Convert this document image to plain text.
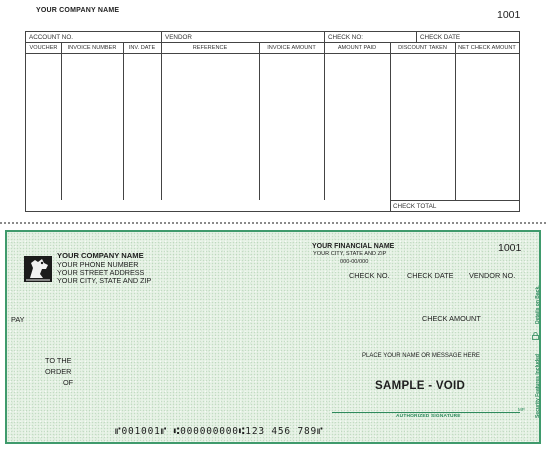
YOUR COMPANY NAME	1001
ACCOUNT NO.	VENDOR	CHECK NO:	CHECK DATE
VOUCHER	INVOICE NUMBER	INV. DATE	REFERENCE	INVOICE AMOUNT	AMOUNT PAID	DISCOUNT TAKEN	NET CHECK AMOUNT
CHECK TOTAL
YOUR COMPANY NAME
YOUR PHONE NUMBER
YOUR STREET ADDRESS
YOUR CITY, STATE AND ZIP
YOUR FINANCIAL NAME
YOUR CITY, STATE AND ZIP
000-00/000
1001
CHECK NO. CHECK DATE VENDOR NO.
PAY	CHECK AMOUNT
PLACE YOUR NAME OR MESSAGE HERE
TO THE
ORDER
OF	SAMPLE - VOID
MP
AUTHORIZED SIGNATURE
⑈001001⑈ ⑆000000000⑆123 456 789⑈
Details on Back.
Security Features Included
